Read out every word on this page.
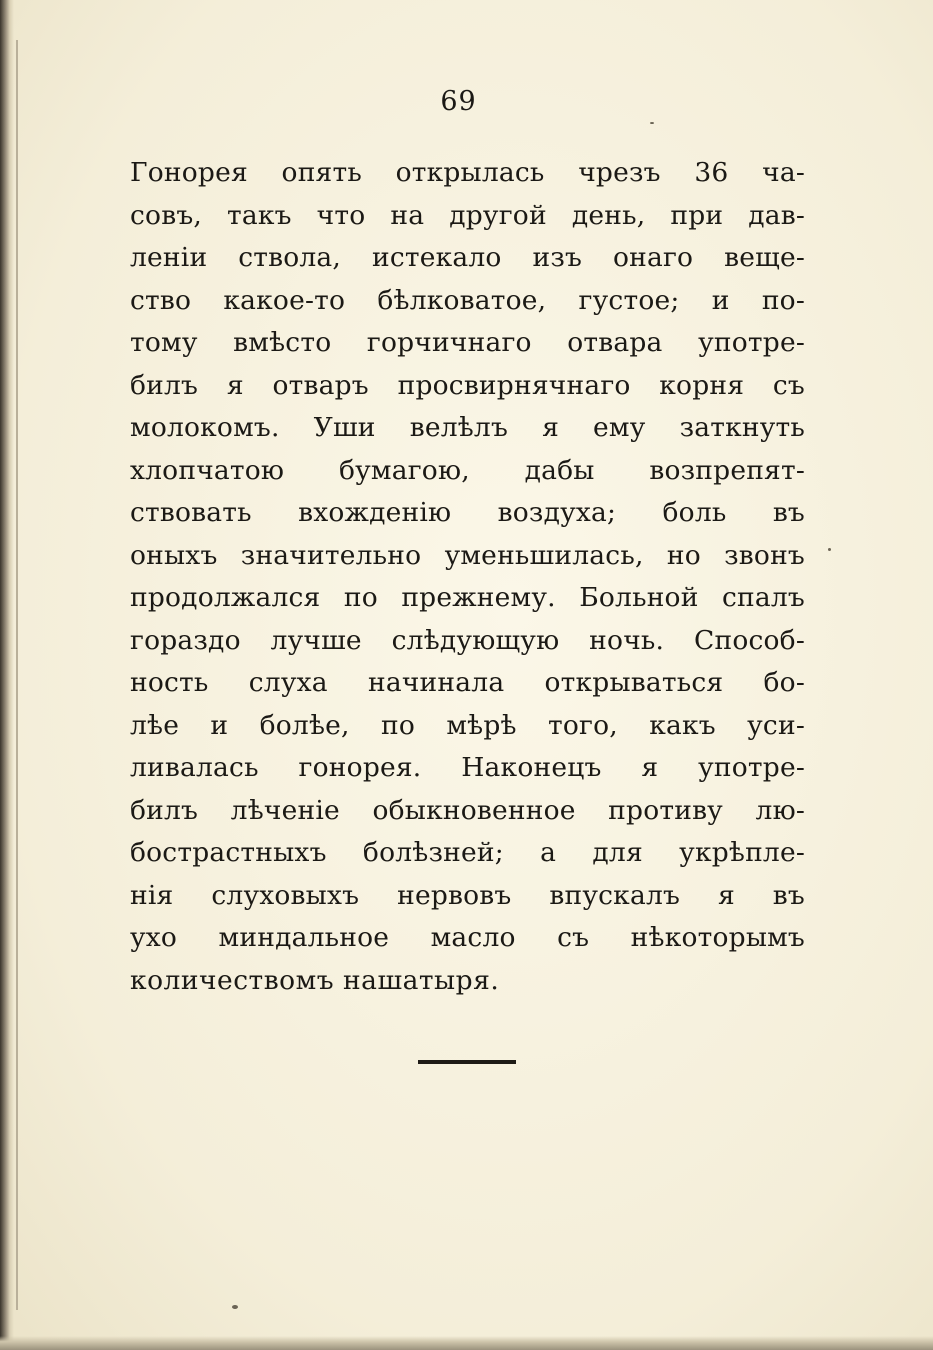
69
Гонорея опять открылась чрезъ 36 ча-
совъ, такъ что на другой день, при дав-
леніи ствола, истекало изъ онаго веще-
ство какое-то бѣлковатое, густое; и по-
тому вмѣсто горчичнаго отвара употре-
билъ я отваръ просвирнячнаго корня съ
молокомъ. Уши велѣлъ я ему заткнуть
хлопчатою бумагою, дабы возпрепят-
ствовать вхожденію воздуха; боль въ
оныхъ значительно уменьшилась, но звонъ
продолжался по прежнему. Больной спалъ
гораздо лучше слѣдующую ночь. Способ-
ность слуха начинала открываться бо-
лѣе и болѣе, по мѣрѣ того, какъ уси-
ливалась гонорея. Наконецъ я употре-
билъ лѣченіе обыкновенное противу лю-
бострастныхъ болѣзней; а для укрѣпле-
нія слуховыхъ нервовъ впускалъ я въ
ухо миндальное масло съ нѣкоторымъ
количествомъ нашатыря.
